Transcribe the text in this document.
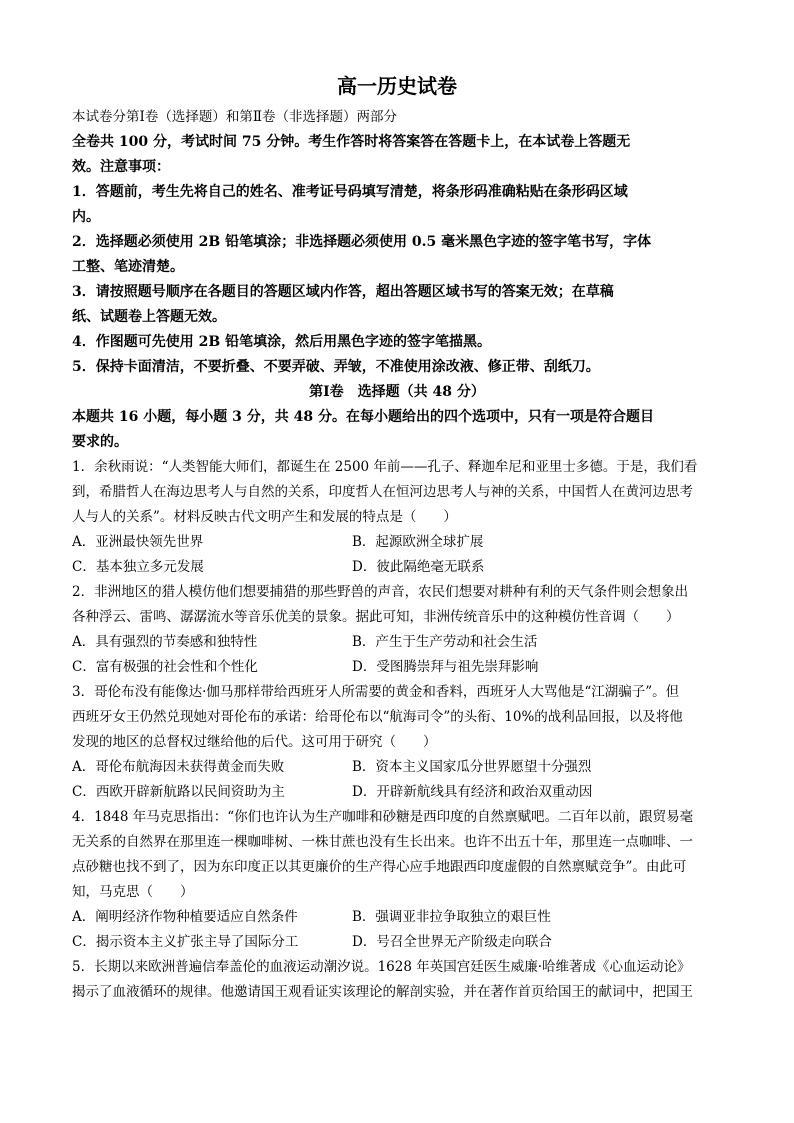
高一历史试卷

本试卷分第Ⅰ卷（选择题）和第Ⅱ卷（非选择题）两部分

全卷共 100 分，考试时间 75 分钟。考生作答时将答案答在答题卡上，在本试卷上答题无

效。注意事项：

1．答题前，考生先将自己的姓名、准考证号码填写清楚，将条形码准确粘贴在条形码区域

内。

2．选择题必须使用 2B 铅笔填涂；非选择题必须使用 0.5 毫米黑色字迹的签字笔书写，字体

工整、笔迹清楚。

3．请按照题号顺序在各题目的答题区域内作答，超出答题区域书写的答案无效；在草稿

纸、试题卷上答题无效。

4．作图题可先使用 2B 铅笔填涂，然后用黑色字迹的签字笔描黑。

5．保持卡面清洁，不要折叠、不要弄破、弄皱，不准使用涂改液、修正带、刮纸刀。

第Ⅰ卷　选择题（共 48 分）

本题共 16 小题，每小题 3 分，共 48 分。在每小题给出的四个选项中，只有一项是符合题目

要求的。

1．余秋雨说：“人类智能大师们，都诞生在 2500 年前——孔子、释迦牟尼和亚里士多德。于是，我们看

到，希腊哲人在海边思考人与自然的关系，印度哲人在恒河边思考人与神的关系，中国哲人在黄河边思考

人与人的关系”。材料反映古代文明产生和发展的特点是（　　）

A．亚洲最快领先世界	B．起源欧洲全球扩展
C．基本独立多元发展	D．彼此隔绝毫无联系

2．非洲地区的猎人模仿他们想要捕猎的那些野兽的声音，农民们想要对耕种有利的天气条件则会想象出

各种浮云、雷鸣、潺潺流水等音乐优美的景象。据此可知，非洲传统音乐中的这种模仿性音调（　　）

A．具有强烈的节奏感和独特性	B．产生于生产劳动和社会生活
C．富有极强的社会性和个性化	D．受图腾崇拜与祖先崇拜影响

3．哥伦布没有能像达·伽马那样带给西班牙人所需要的黄金和香料，西班牙人大骂他是“江湖骗子”。但

西班牙女王仍然兑现她对哥伦布的承诺：给哥伦布以“航海司令”的头衔、10%的战利品回报，以及将他

发现的地区的总督权过继给他的后代。这可用于研究（　　）

A．哥伦布航海因未获得黄金而失败	B．资本主义国家瓜分世界愿望十分强烈
C．西欧开辟新航路以民间资助为主	D．开辟新航线具有经济和政治双重动因

4．1848 年马克思指出：“你们也许认为生产咖啡和砂糖是西印度的自然禀赋吧。二百年以前，跟贸易毫

无关系的自然界在那里连一棵咖啡树、一株甘蔗也没有生长出来。也许不出五十年，那里连一点咖啡、一

点砂糖也找不到了，因为东印度正以其更廉价的生产得心应手地跟西印度虚假的自然禀赋竞争”。由此可

知，马克思（　　）

A．阐明经济作物种植要适应自然条件	B．强调亚非拉争取独立的艰巨性
C．揭示资本主义扩张主导了国际分工	D．号召全世界无产阶级走向联合

5．长期以来欧洲普遍信奉盖伦的血液运动潮汐说。1628 年英国宫廷医生威廉·哈维著成《心血运动论》

揭示了血液循环的规律。他邀请国王观看证实该理论的解剖实验，并在著作首页给国王的献词中，把国王
